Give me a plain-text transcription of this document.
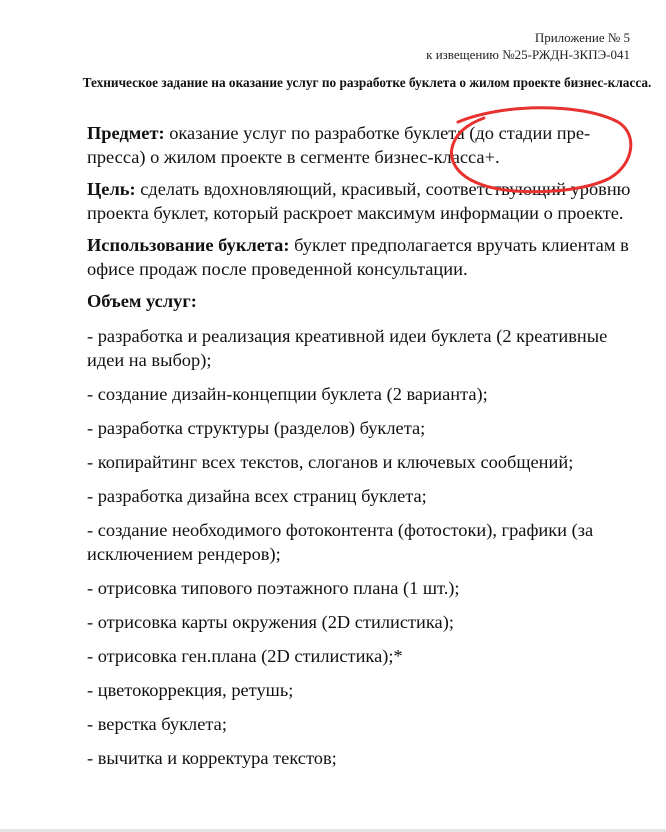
Приложение № 5
к извещению №25-РЖДН-ЗКПЭ-041
Техническое задание на оказание услуг по разработке буклета о жилом проекте бизнес-класса.

Предмет: оказание услуг по разработке буклета (до стадии пре-пресса) о жилом проекте в сегменте бизнес-класса+.

Цель: сделать вдохновляющий, красивый, соответствующий уровню проекта буклет, который раскроет максимум информации о проекте.

Использование буклета: буклет предполагается вручать клиентам в офисе продаж после проведенной консультации.

Объем услуг:
- разработка и реализация креативной идеи буклета (2 креативные идеи на выбор);
- создание дизайн-концепции буклета (2 варианта);
- разработка структуры (разделов) буклета;
- копирайтинг всех текстов, слоганов и ключевых сообщений;
- разработка дизайна всех страниц буклета;
- создание необходимого фотоконтента (фотостоки), графики (за исключением рендеров);
- отрисовка типового поэтажного плана (1 шт.);
- отрисовка карты окружения (2D стилистика);
- отрисовка ген.плана (2D стилистика);*
- цветокоррекция, ретушь;
- верстка буклета;
- вычитка и корректура текстов;
